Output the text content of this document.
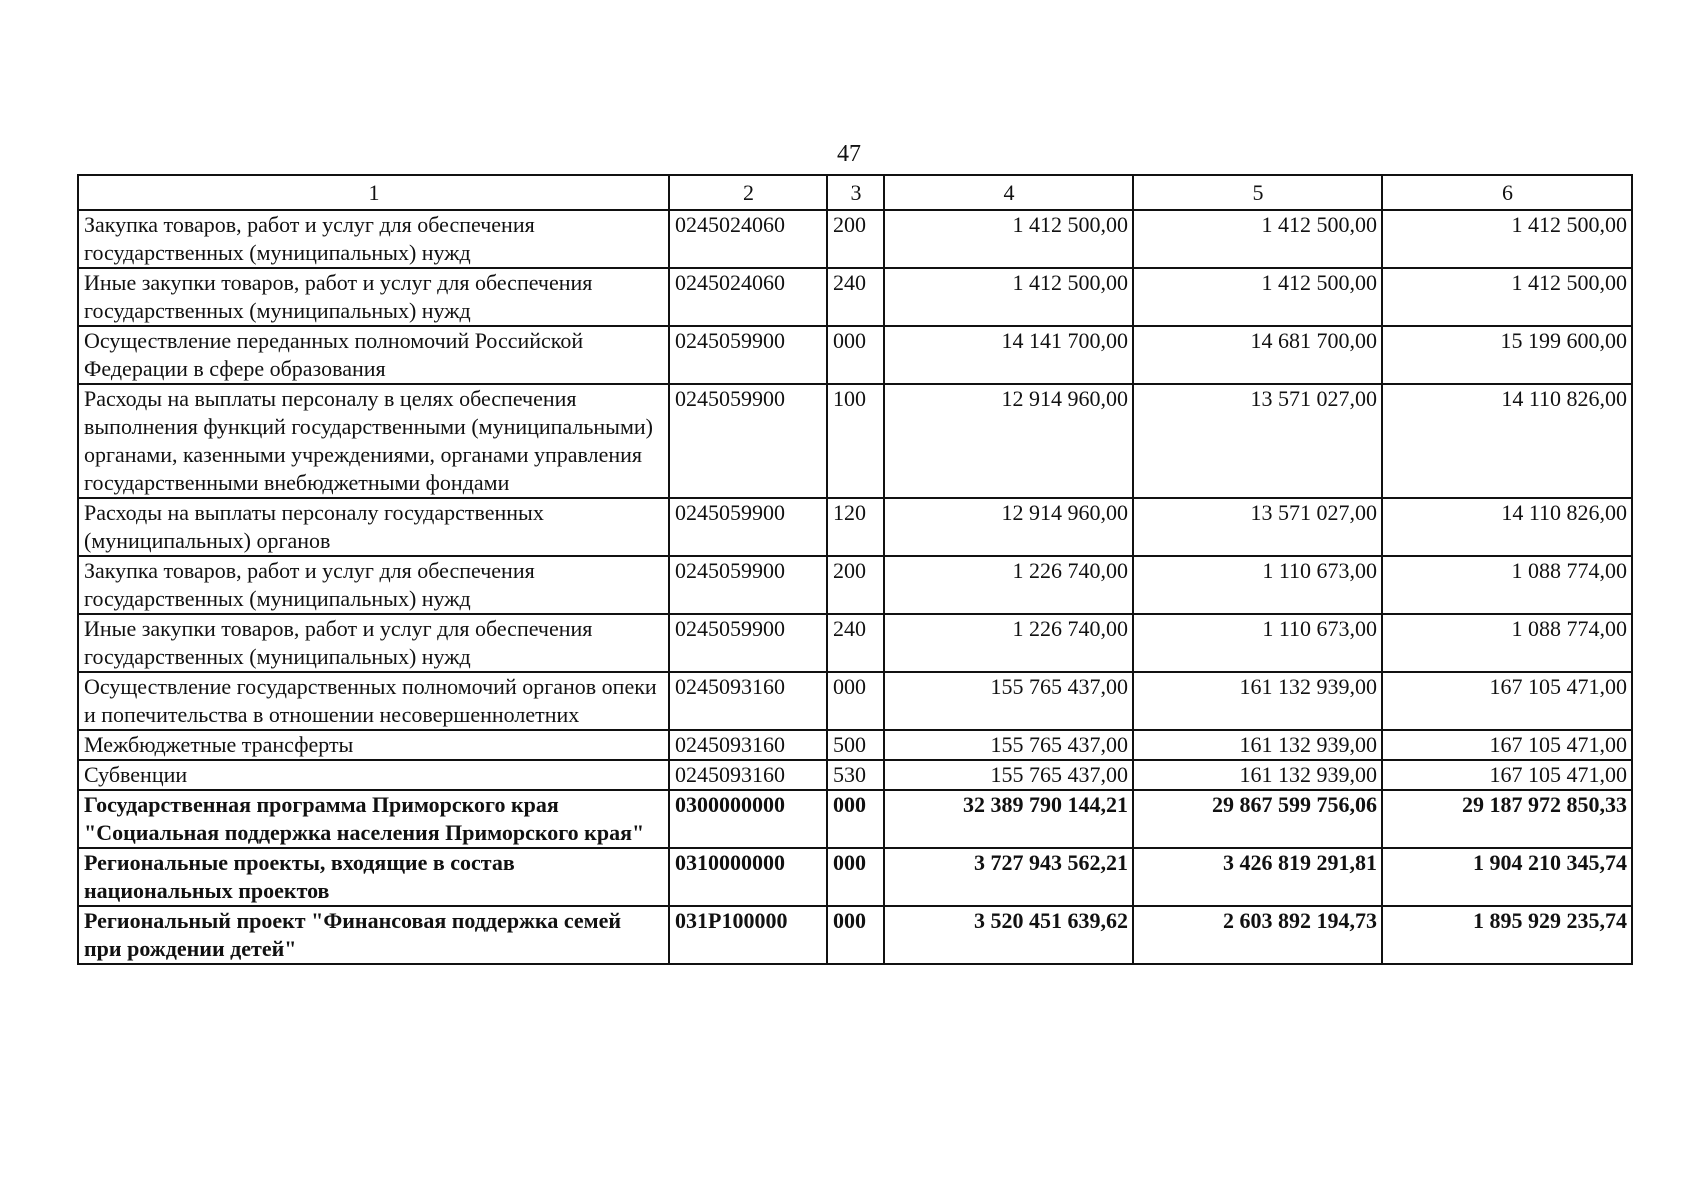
47
1	2	3	4	5	6
Закупка товаров, работ и услуг для обеспечения государственных (муниципальных) нужд	0245024060	200	1 412 500,00	1 412 500,00	1 412 500,00
Иные закупки товаров, работ и услуг для обеспечения государственных (муниципальных) нужд	0245024060	240	1 412 500,00	1 412 500,00	1 412 500,00
Осуществление переданных полномочий Российской Федерации в сфере образования	0245059900	000	14 141 700,00	14 681 700,00	15 199 600,00
Расходы на выплаты персоналу в целях обеспечения выполнения функций государственными (муниципальными) органами, казенными учреждениями, органами управления государственными внебюджетными фондами	0245059900	100	12 914 960,00	13 571 027,00	14 110 826,00
Расходы на выплаты персоналу государственных (муниципальных) органов	0245059900	120	12 914 960,00	13 571 027,00	14 110 826,00
Закупка товаров, работ и услуг для обеспечения государственных (муниципальных) нужд	0245059900	200	1 226 740,00	1 110 673,00	1 088 774,00
Иные закупки товаров, работ и услуг для обеспечения государственных (муниципальных) нужд	0245059900	240	1 226 740,00	1 110 673,00	1 088 774,00
Осуществление государственных полномочий органов опеки и попечительства в отношении несовершеннолетних	0245093160	000	155 765 437,00	161 132 939,00	167 105 471,00
Межбюджетные трансферты	0245093160	500	155 765 437,00	161 132 939,00	167 105 471,00
Субвенции	0245093160	530	155 765 437,00	161 132 939,00	167 105 471,00
Государственная программа Приморского края "Социальная поддержка населения Приморского края"	0300000000	000	32 389 790 144,21	29 867 599 756,06	29 187 972 850,33
Региональные проекты, входящие в состав национальных проектов	0310000000	000	3 727 943 562,21	3 426 819 291,81	1 904 210 345,74
Региональный проект "Финансовая поддержка семей при рождении детей"	031P100000	000	3 520 451 639,62	2 603 892 194,73	1 895 929 235,74
